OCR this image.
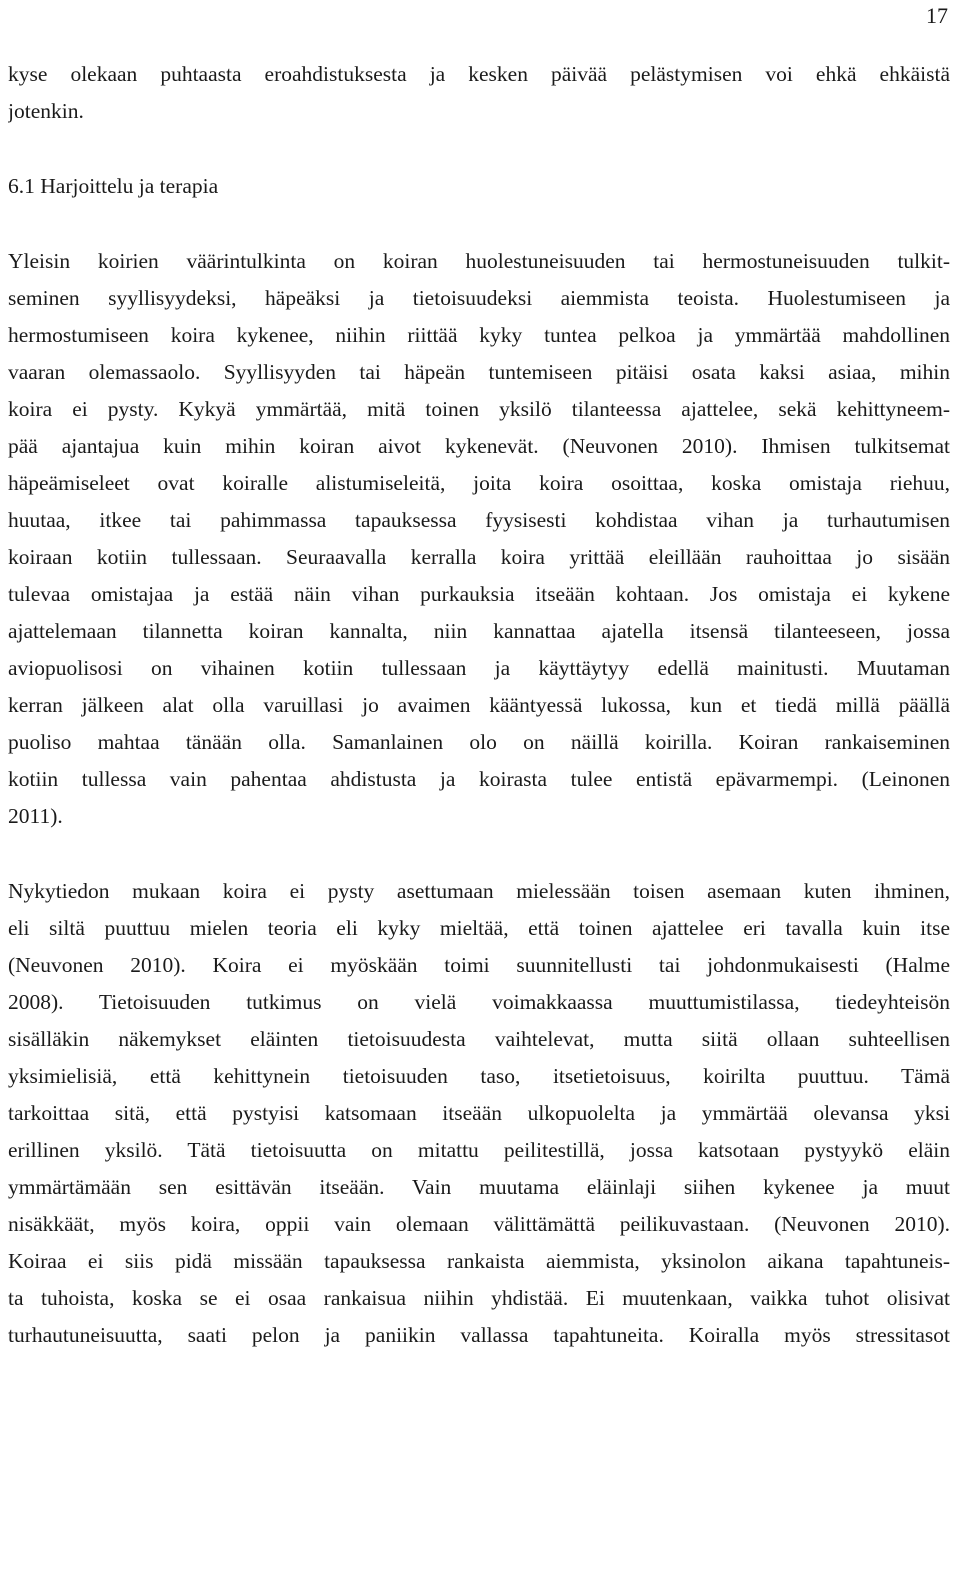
17
kyse olekaan puhtaasta eroahdistuksesta ja kesken päivää pelästymisen voi ehkä ehkäistä
jotenkin.
6.1 Harjoittelu ja terapia
Yleisin koirien väärintulkinta on koiran huolestuneisuuden tai hermostuneisuuden tulkit-
seminen syyllisyydeksi, häpeäksi ja tietoisuudeksi aiemmista teoista. Huolestumiseen ja
hermostumiseen koira kykenee, niihin riittää kyky tuntea pelkoa ja ymmärtää mahdollinen
vaaran olemassaolo. Syyllisyyden tai häpeän tuntemiseen pitäisi osata kaksi asiaa, mihin
koira ei pysty. Kykyä ymmärtää, mitä toinen yksilö tilanteessa ajattelee, sekä kehittyneem-
pää ajantajua kuin mihin koiran aivot kykenevät. (Neuvonen 2010). Ihmisen tulkitsemat
häpeämiseleet ovat koiralle alistumiseleitä, joita koira osoittaa, koska omistaja riehuu,
huutaa, itkee tai pahimmassa tapauksessa fyysisesti kohdistaa vihan ja turhautumisen
koiraan kotiin tullessaan. Seuraavalla kerralla koira yrittää eleillään rauhoittaa jo sisään
tulevaa omistajaa ja estää näin vihan purkauksia itseään kohtaan. Jos omistaja ei kykene
ajattelemaan tilannetta koiran kannalta, niin kannattaa ajatella itsensä tilanteeseen, jossa
aviopuolisosi on vihainen kotiin tullessaan ja käyttäytyy edellä mainitusti. Muutaman
kerran jälkeen alat olla varuillasi jo avaimen kääntyessä lukossa, kun et tiedä millä päällä
puoliso mahtaa tänään olla. Samanlainen olo on näillä koirilla. Koiran rankaiseminen
kotiin tullessa vain pahentaa ahdistusta ja koirasta tulee entistä epävarmempi. (Leinonen
2011).
Nykytiedon mukaan koira ei pysty asettumaan mielessään toisen asemaan kuten ihminen,
eli siltä puuttuu mielen teoria eli kyky mieltää, että toinen ajattelee eri tavalla kuin itse
(Neuvonen 2010). Koira ei myöskään toimi suunnitellusti tai johdonmukaisesti (Halme
2008). Tietoisuuden tutkimus on vielä voimakkaassa muuttumistilassa, tiedeyhteisön
sisälläkin näkemykset eläinten tietoisuudesta vaihtelevat, mutta siitä ollaan suhteellisen
yksimielisiä, että kehittynein tietoisuuden taso, itsetietoisuus, koirilta puuttuu. Tämä
tarkoittaa sitä, että pystyisi katsomaan itseään ulkopuolelta ja ymmärtää olevansa yksi
erillinen yksilö. Tätä tietoisuutta on mitattu peilitestillä, jossa katsotaan pystyykö eläin
ymmärtämään sen esittävän itseään. Vain muutama eläinlaji siihen kykenee ja muut
nisäkkäät, myös koira, oppii vain olemaan välittämättä peilikuvastaan. (Neuvonen 2010).
Koiraa ei siis pidä missään tapauksessa rankaista aiemmista, yksinolon aikana tapahtuneis-
ta tuhoista, koska se ei osaa rankaisua niihin yhdistää. Ei muutenkaan, vaikka tuhot olisivat
turhautuneisuutta, saati pelon ja paniikin vallassa tapahtuneita. Koiralla myös stressitasot
